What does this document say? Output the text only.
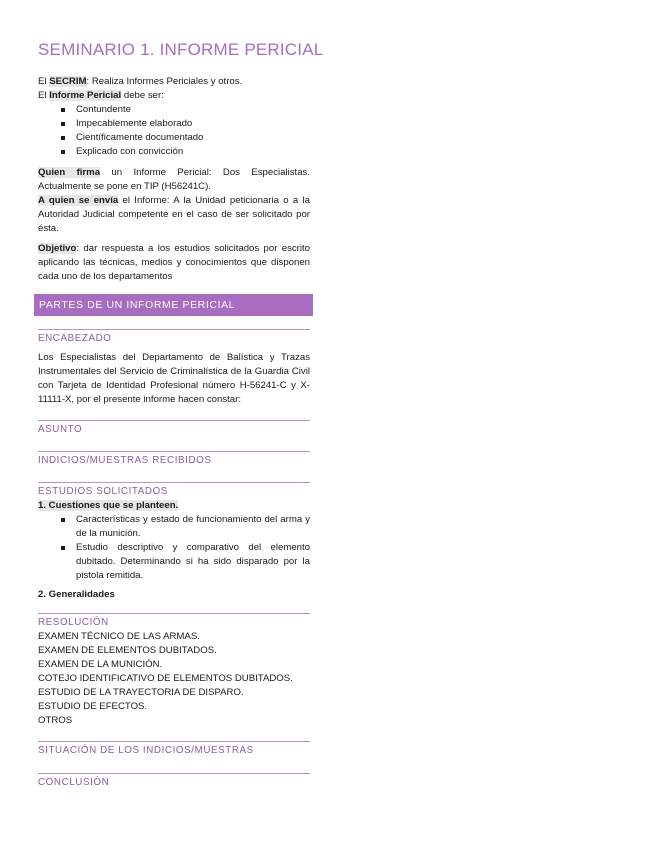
SEMINARIO 1. INFORME PERICIAL
El SECRIM: Realiza Informes Periciales y otros.
El Informe Pericial debe ser:
Contundente
Impecablemente elaborado
Científicamente documentado
Explicado con convicción
Quien firma un Informe Pericial: Dos Especialistas. Actualmente se pone en TIP (H56241C).
A quien se envía el Informe: A la Unidad peticionaria o a la Autoridad Judicial competente en el caso de ser solicitado por ésta.
Objetivo: dar respuesta a los estudios solicitados por escrito aplicando las técnicas, medios y conocimientos que disponen cada uno de los departamentos
PARTES DE UN INFORME PERICIAL
ENCABEZADO
Los Especialistas del Departamento de Balística y Trazas Instrumentales del Servicio de Criminalística de la Guardia Civil con Tarjeta de Identidad Profesional número H-56241-C y X-11111-X, por el presente informe hacen constar:
ASUNTO
INDICIOS/MUESTRAS RECIBIDOS
ESTUDIOS SOLICITADOS
1. Cuestiones que se planteen.
Características y estado de funcionamiento del arma y de la munición.
Estudio descriptivo y comparativo del elemento dubitado. Determinando si ha sido disparado por la pistola remitida.
2. Generalidades
RESOLUCIÓN
EXAMEN TÉCNICO DE LAS ARMAS.
EXAMEN DE ELEMENTOS DUBITADOS.
EXAMEN DE LA MUNICIÓN.
COTEJO IDENTIFICATIVO DE ELEMENTOS DUBITADOS.
ESTUDIO DE LA TRAYECTORIA DE DISPARO.
ESTUDIO DE EFECTOS.
OTROS
SITUACIÓN DE LOS INDICIOS/MUESTRAS
CONCLUSIÓN
